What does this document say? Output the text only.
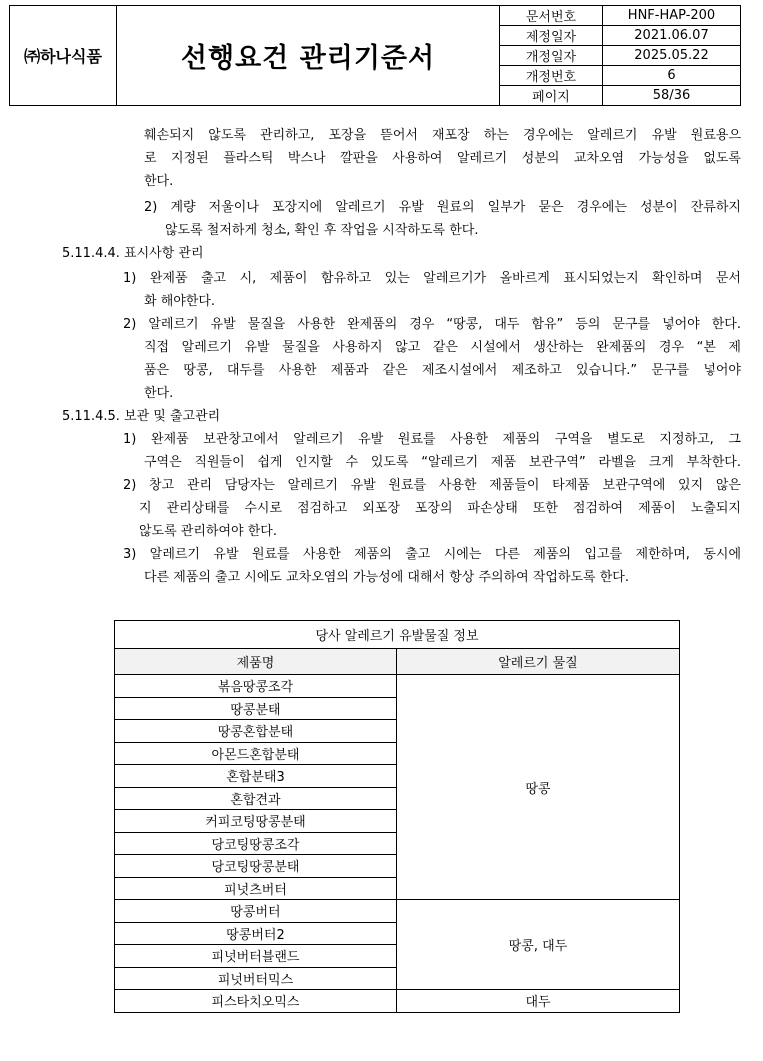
㈜하나식품	선행요건 관리기준서	문서번호	HNF-HAP-200
		제정일자	2021.06.07
		개정일자	2025.05.22
		개정번호	6
		페이지	58/36
훼손되지 않도록 관리하고, 포장을 뜯어서 재포장 하는 경우에는 알레르기 유발 원료용으
로 지정된 플라스틱 박스나 깔판을 사용하여 알레르기 성분의 교차오염 가능성을 없도록
한다.
2) 계량 저울이나 포장지에 알레르기 유발 원료의 일부가 묻은 경우에는 성분이 잔류하지
않도록 철저하게 청소, 확인 후 작업을 시작하도록 한다.
5.11.4.4. 표시사항 관리
1) 완제품 출고 시, 제품이 함유하고 있는 알레르기가 올바르게 표시되었는지 확인하며 문서
화 해야한다.
2) 알레르기 유발 물질을 사용한 완제품의 경우 “땅콩, 대두 함유” 등의 문구를 넣어야 한다.
직접 알레르기 유발 물질을 사용하지 않고 같은 시설에서 생산하는 완제품의 경우 “본 제
품은 땅콩, 대두를 사용한 제품과 같은 제조시설에서 제조하고 있습니다.” 문구를 넣어야
한다.
5.11.4.5. 보관 및 출고관리
1) 완제품 보관창고에서 알레르기 유발 원료를 사용한 제품의 구역을 별도로 지정하고, 그
구역은 직원들이 쉽게 인지할 수 있도록 “알레르기 제품 보관구역” 라벨을 크게 부착한다.
2) 창고 관리 담당자는 알레르기 유발 원료를 사용한 제품들이 타제품 보관구역에 있지 않은
지 관리상태를 수시로 점검하고 외포장 포장의 파손상태 또한 점검하여 제품이 노출되지
않도록 관리하여야 한다.
3) 알레르기 유발 원료를 사용한 제품의 출고 시에는 다른 제품의 입고를 제한하며, 동시에
다른 제품의 출고 시에도 교차오염의 가능성에 대해서 항상 주의하여 작업하도록 한다.
당사 알레르기 유발물질 정보	
제품명	알레르기 물질
볶음땅콩조각	땅콩
땅콩분태	
땅콩혼합분태	
아몬드혼합분태	
혼합분태3	
혼합견과	
커피코팅땅콩분태	
당코팅땅콩조각	
당코팅땅콩분태	
피넛츠버터	
땅콩버터	땅콩, 대두
땅콩버터2	
피넛버터블랜드	
피넛버터믹스	
피스타치오믹스	대두
